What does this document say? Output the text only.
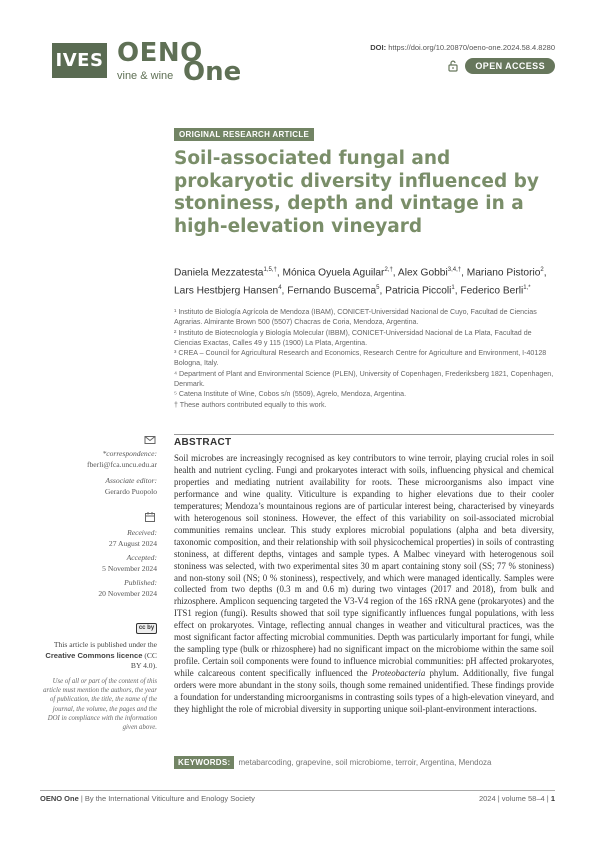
IVES OENO
vine & wine One
DOI: https://doi.org/10.20870/oeno-one.2024.58.4.8280
OPEN ACCESS
ORIGINAL RESEARCH ARTICLE
Soil-associated fungal and prokaryotic diversity influenced by stoniness, depth and vintage in a high-elevation vineyard
Daniela Mezzatesta$^{1,5,\dagger}$, Mónica Oyuela Aguilar$^{2,\dagger}$, Alex Gobbi$^{3,4,\dagger}$, Mariano Pistorio$^2$, Lars Hestbjerg Hansen$^4$, Fernando Buscema$^5$, Patricia Piccoli$^1$, Federico Berli$^{1,*}$

¹ Instituto de Biología Agrícola de Mendoza (IBAM), CONICET-Universidad Nacional de Cuyo, Facultad de Ciencias Agrarias. Almirante Brown 500 (5507) Chacras de Coria, Mendoza, Argentina.

² Instituto de Biotecnología y Biología Molecular (IBBM), CONICET-Universidad Nacional de La Plata, Facultad de Ciencias Exactas, Calles 49 y 115 (1900) La Plata, Argentina.

³ CREA – Council for Agricultural Research and Economics, Research Centre for Agriculture and Environment, I-40128 Bologna, Italy.

⁴ Department of Plant and Environmental Science (PLEN), University of Copenhagen, Frederiksberg 1821, Copenhagen, Denmark.

⁵ Catena Institute of Wine, Cobos s/n (5509), Agrelo, Mendoza, Argentina.

† These authors contributed equally to this work.

*correspondence:
fberli@fca.uncu.edu.ar
Associate editor:
Gerardo Puopolo
Received:
27 August 2024
Accepted:
5 November 2024
Published:
20 November 2024
cc by
This article is published under the Creative Commons licence (CC BY 4.0).
Use of all or part of the content of this article must mention the authors, the year of publication, the title, the name of the journal, the volume, the pages and the DOI in compliance with the information given above.
ABSTRACT
Soil microbes are increasingly recognised as key contributors to wine terroir, playing crucial roles in soil health and nutrient cycling. Fungi and prokaryotes interact with soils, influencing physical and chemical properties and mediating nutrient availability for roots. These microorganisms also impact vine performance and wine quality. Viticulture is expanding to higher elevations due to their cooler temperatures; Mendoza’s mountainous regions are of particular interest being, characterised by vineyards with heterogenous soil stoniness. However, the effect of this variability on soil-associated microbial communities remains unclear. This study explores microbial populations (alpha and beta diversity, taxonomic composition, and their relationship with soil physicochemical properties) in soils of contrasting stoniness, at different depths, vintages and sample types. A Malbec vineyard with heterogenous soil stoniness was selected, with two experimental sites 30 m apart containing stony soil (SS; 77 % stoniness) and non-stony soil (NS; 0 % stoniness), respectively, and which were managed identically. Samples were collected from two depths (0.3 m and 0.6 m) during two vintages (2017 and 2018), from bulk and rhizosphere. Amplicon sequencing targeted the V3-V4 region of the 16S rRNA gene (prokaryotes) and the ITS1 region (fungi). Results showed that soil type significantly influences fungal populations, with less effect on prokaryotes. Vintage, reflecting annual changes in weather and viticultural practices, was the most significant factor affecting microbial communities. Depth was particularly important for fungi, while the sampling type (bulk or rhizosphere) had no significant impact on the microbiome within the same soil profile. Certain soil components were found to influence microbial communities: pH affected prokaryotes, while calcareous content specifically influenced the Proteobacteria phylum. Additionally, five fungal orders were more abundant in the stony soils, though some remained unidentified. These findings provide a foundation for understanding microorganisms in contrasting soils types of a high-elevation vineyard, and they highlight the role of microbial diversity in supporting unique soil-plant-environment interactions.
KEYWORDS:	metabarcoding, grapevine, soil microbiome, terroir, Argentina, Mendoza
OENO One | By the International Viticulture and Enology Society	2024 | volume 58–4 | 1
